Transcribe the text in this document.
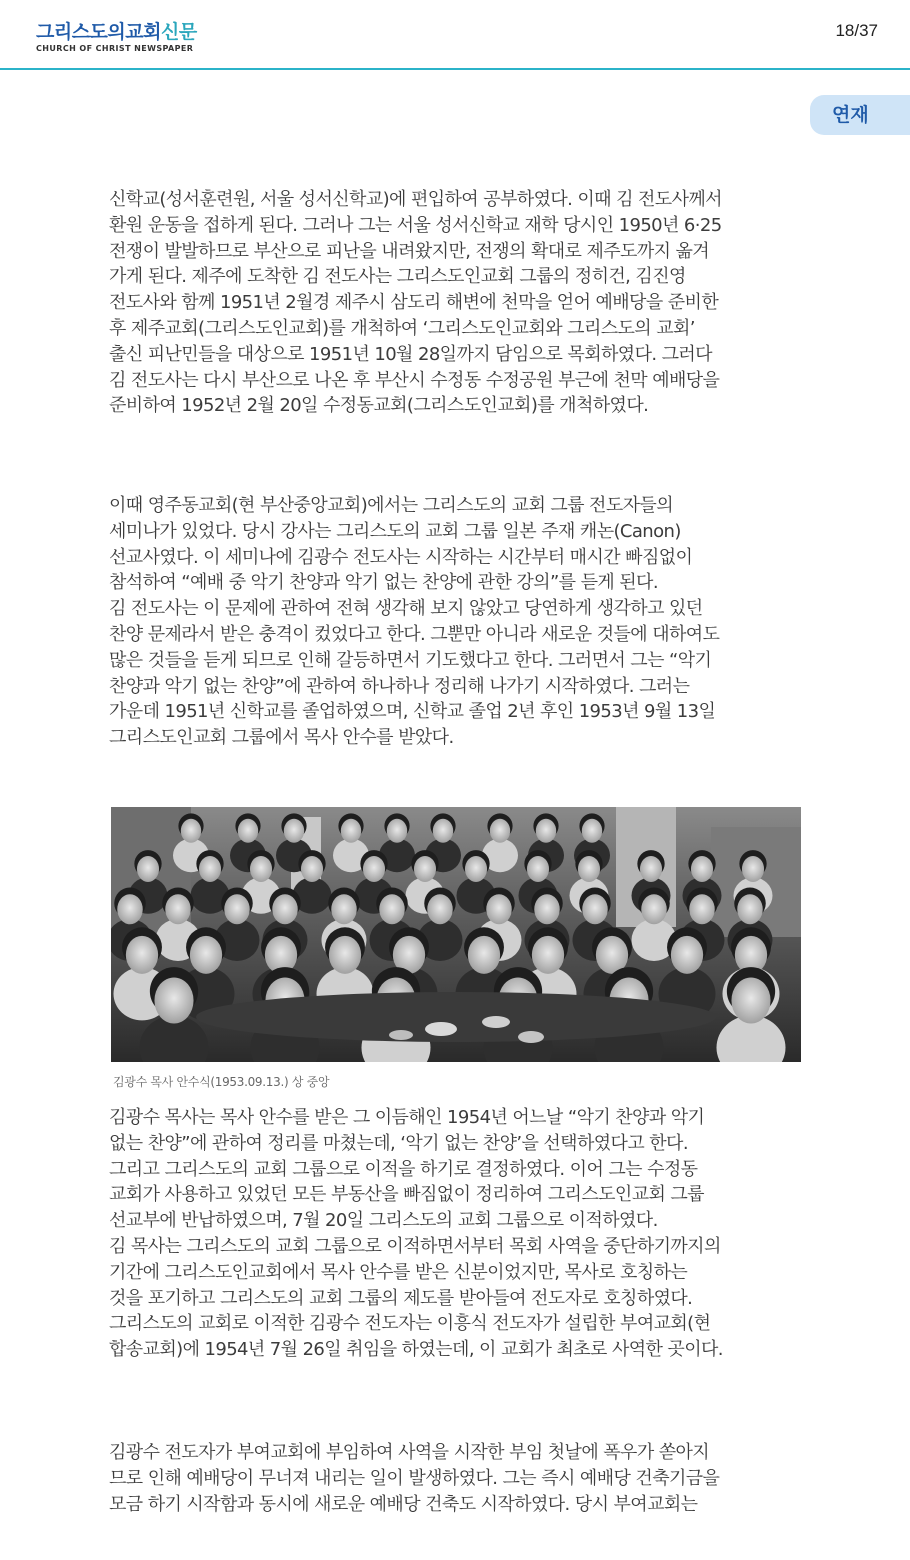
그리스도의교회신문
CHURCH OF CHRIST NEWSPAPER
18/37
연재
신학교(성서훈련원, 서울 성서신학교)에 편입하여 공부하였다. 이때 김 전도사께서
환원 운동을 접하게 된다. 그러나 그는 서울 성서신학교 재학 당시인 1950년 6·25
전쟁이 발발하므로 부산으로 피난을 내려왔지만, 전쟁의 확대로 제주도까지 옮겨
가게 된다. 제주에 도착한 김 전도사는 그리스도인교회 그룹의 정히건, 김진영
전도사와 함께 1951년 2월경 제주시 삼도리 해변에 천막을 얻어 예배당을 준비한
후 제주교회(그리스도인교회)를 개척하여 ‘그리스도인교회와 그리스도의 교회’
출신 피난민들을 대상으로 1951년 10월 28일까지 담임으로 목회하였다. 그러다
김 전도사는 다시 부산으로 나온 후 부산시 수정동 수정공원 부근에 천막 예배당을
준비하여 1952년 2월 20일 수정동교회(그리스도인교회)를 개척하였다.
이때 영주동교회(현 부산중앙교회)에서는 그리스도의 교회 그룹 전도자들의
세미나가 있었다. 당시 강사는 그리스도의 교회 그룹 일본 주재 캐논(Canon)
선교사였다. 이 세미나에 김광수 전도사는 시작하는 시간부터 매시간 빠짐없이
참석하여 “예배 중 악기 찬양과 악기 없는 찬양에 관한 강의”를 듣게 된다.
김 전도사는 이 문제에 관하여 전혀 생각해 보지 않았고 당연하게 생각하고 있던
찬양 문제라서 받은 충격이 컸었다고 한다. 그뿐만 아니라 새로운 것들에 대하여도
많은 것들을 듣게 되므로 인해 갈등하면서 기도했다고 한다. 그러면서 그는 “악기
찬양과 악기 없는 찬양”에 관하여 하나하나 정리해 나가기 시작하였다. 그러는
가운데 1951년 신학교를 졸업하였으며, 신학교 졸업 2년 후인 1953년 9월 13일
그리스도인교회 그룹에서 목사 안수를 받았다.
김광수 목사 안수식(1953.09.13.) 상 중앙
김광수 목사는 목사 안수를 받은 그 이듬해인 1954년 어느날 “악기 찬양과 악기
없는 찬양”에 관하여 정리를 마쳤는데, ‘악기 없는 찬양’을 선택하였다고 한다.
그리고 그리스도의 교회 그룹으로 이적을 하기로 결정하였다. 이어 그는 수정동
교회가 사용하고 있었던 모든 부동산을 빠짐없이 정리하여 그리스도인교회 그룹
선교부에 반납하였으며, 7월 20일 그리스도의 교회 그룹으로 이적하였다.
김 목사는 그리스도의 교회 그룹으로 이적하면서부터 목회 사역을 중단하기까지의
기간에 그리스도인교회에서 목사 안수를 받은 신분이었지만, 목사로 호칭하는
것을 포기하고 그리스도의 교회 그룹의 제도를 받아들여 전도자로 호칭하였다.
그리스도의 교회로 이적한 김광수 전도자는 이흥식 전도자가 설립한 부여교회(현
합송교회)에 1954년 7월 26일 취임을 하였는데, 이 교회가 최초로 사역한 곳이다.
김광수 전도자가 부여교회에 부임하여 사역을 시작한 부임 첫날에 폭우가 쏟아지
므로 인해 예배당이 무너져 내리는 일이 발생하였다. 그는 즉시 예배당 건축기금을
모금 하기 시작함과 동시에 새로운 예배당 건축도 시작하였다. 당시 부여교회는
